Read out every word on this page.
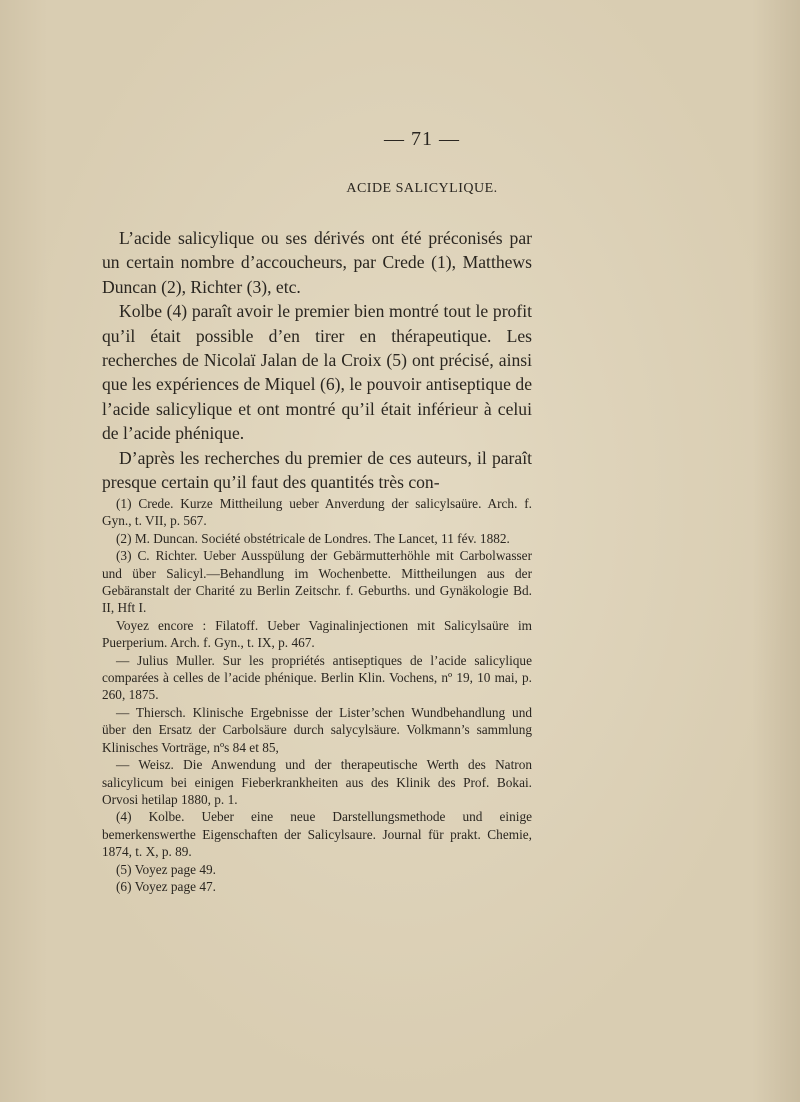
— 71 —
ACIDE SALICYLIQUE.

L’acide salicylique ou ses dérivés ont été préconisés par un certain nombre d’accoucheurs, par Crede (1), Matthews Duncan (2), Richter (3), etc.

Kolbe (4) paraît avoir le premier bien montré tout le profit qu’il était possible d’en tirer en thérapeutique. Les recherches de Nicolaï Jalan de la Croix (5) ont précisé, ainsi que les expériences de Miquel (6), le pouvoir antiseptique de l’acide salicylique et ont montré qu’il était inférieur à celui de l’acide phénique.

D’après les recherches du premier de ces auteurs, il paraît presque certain qu’il faut des quantités très con-

(1) Crede. Kurze Mittheilung ueber Anverdung der salicylsaüre. Arch. f. Gyn., t. VII, p. 567.

(2) M. Duncan. Société obstétricale de Londres. The Lancet, 11 fév. 1882.

(3) C. Richter. Ueber Ausspülung der Gebärmutterhöhle mit Carbolwasser und über Salicyl.—Behandlung im Wochenbette. Mittheilungen aus der Gebäranstalt der Charité zu Berlin Zeitschr. f. Geburths. und Gynäkologie Bd. II, Hft I.

Voyez encore : Filatoff. Ueber Vaginalinjectionen mit Salicylsaüre im Puerperium. Arch. f. Gyn., t. IX, p. 467.

— Julius Muller. Sur les propriétés antiseptiques de l’acide salicylique comparées à celles de l’acide phénique. Berlin Klin. Vochens, nº 19, 10 mai, p. 260, 1875.

— Thiersch. Klinische Ergebnisse der Lister’schen Wundbehandlung und über den Ersatz der Carbolsäure durch salycylsäure. Volkmann’s sammlung Klinisches Vorträge, nºs 84 et 85,

— Weisz. Die Anwendung und der therapeutische Werth des Natron salicylicum bei einigen Fieberkrankheiten aus des Klinik des Prof. Bokai. Orvosi hetilap 1880, p. 1.

(4) Kolbe. Ueber eine neue Darstellungsmethode und einige bemerkenswerthe Eigenschaften der Salicylsaure. Journal für prakt. Chemie, 1874, t. X, p. 89.

(5) Voyez page 49.

(6) Voyez page 47.
